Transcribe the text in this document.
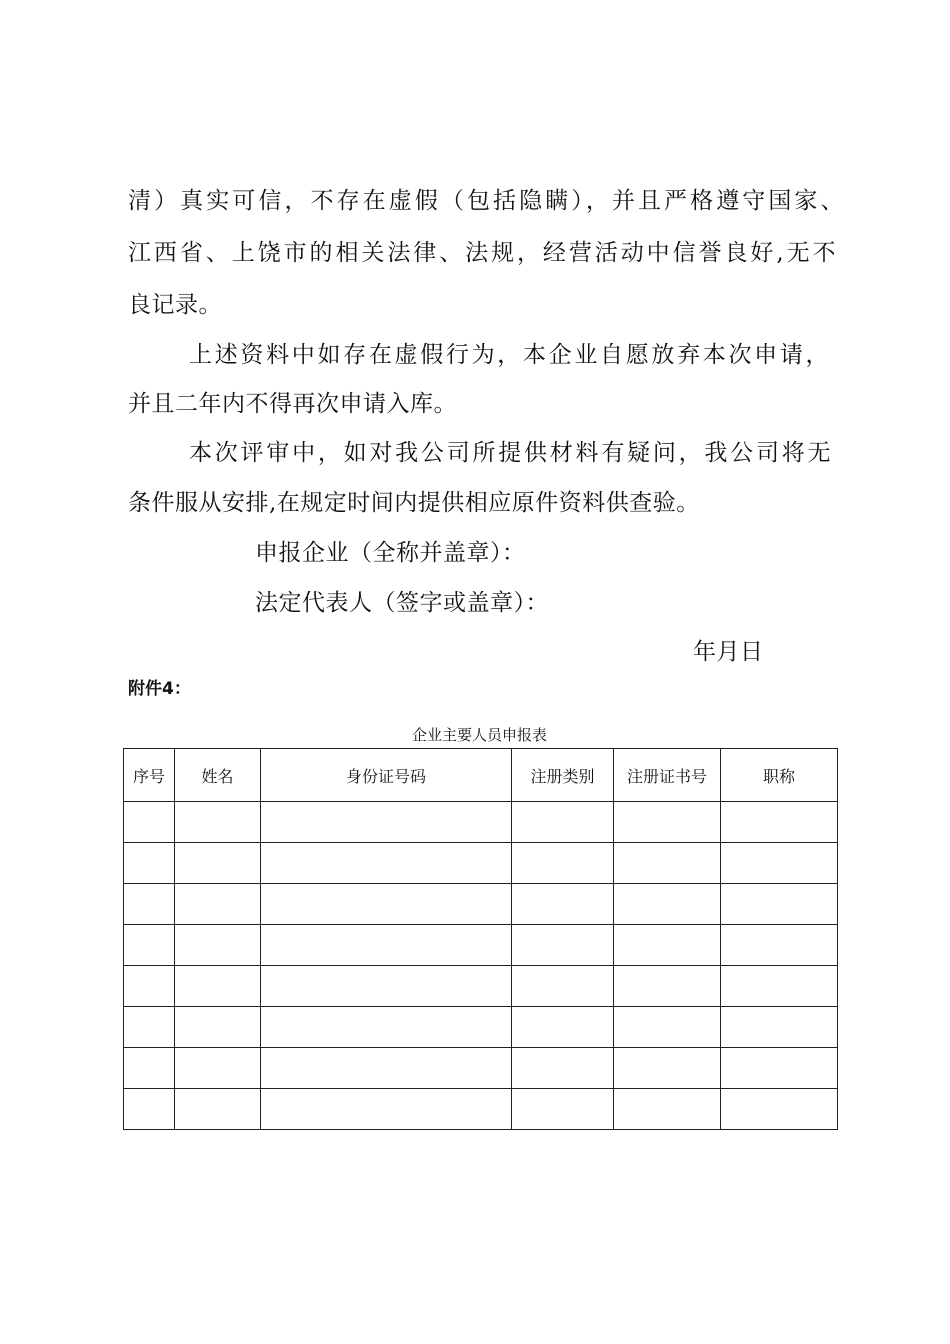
清）真实可信，不存在虚假（包括隐瞒），并且严格遵守国家、
江西省、上饶市的相关法律、法规，经营活动中信誉良好,无不
良记录。
上述资料中如存在虚假行为，本企业自愿放弃本次申请，
并且二年内不得再次申请入库。
本次评审中，如对我公司所提供材料有疑问，我公司将无
条件服从安排,在规定时间内提供相应原件资料供查验。
申报企业（全称并盖章）：
法定代表人（签字或盖章）：
年月日
附件4：
企业主要人员申报表
序号	姓名	身份证号码	注册类别	注册证书号	职称
